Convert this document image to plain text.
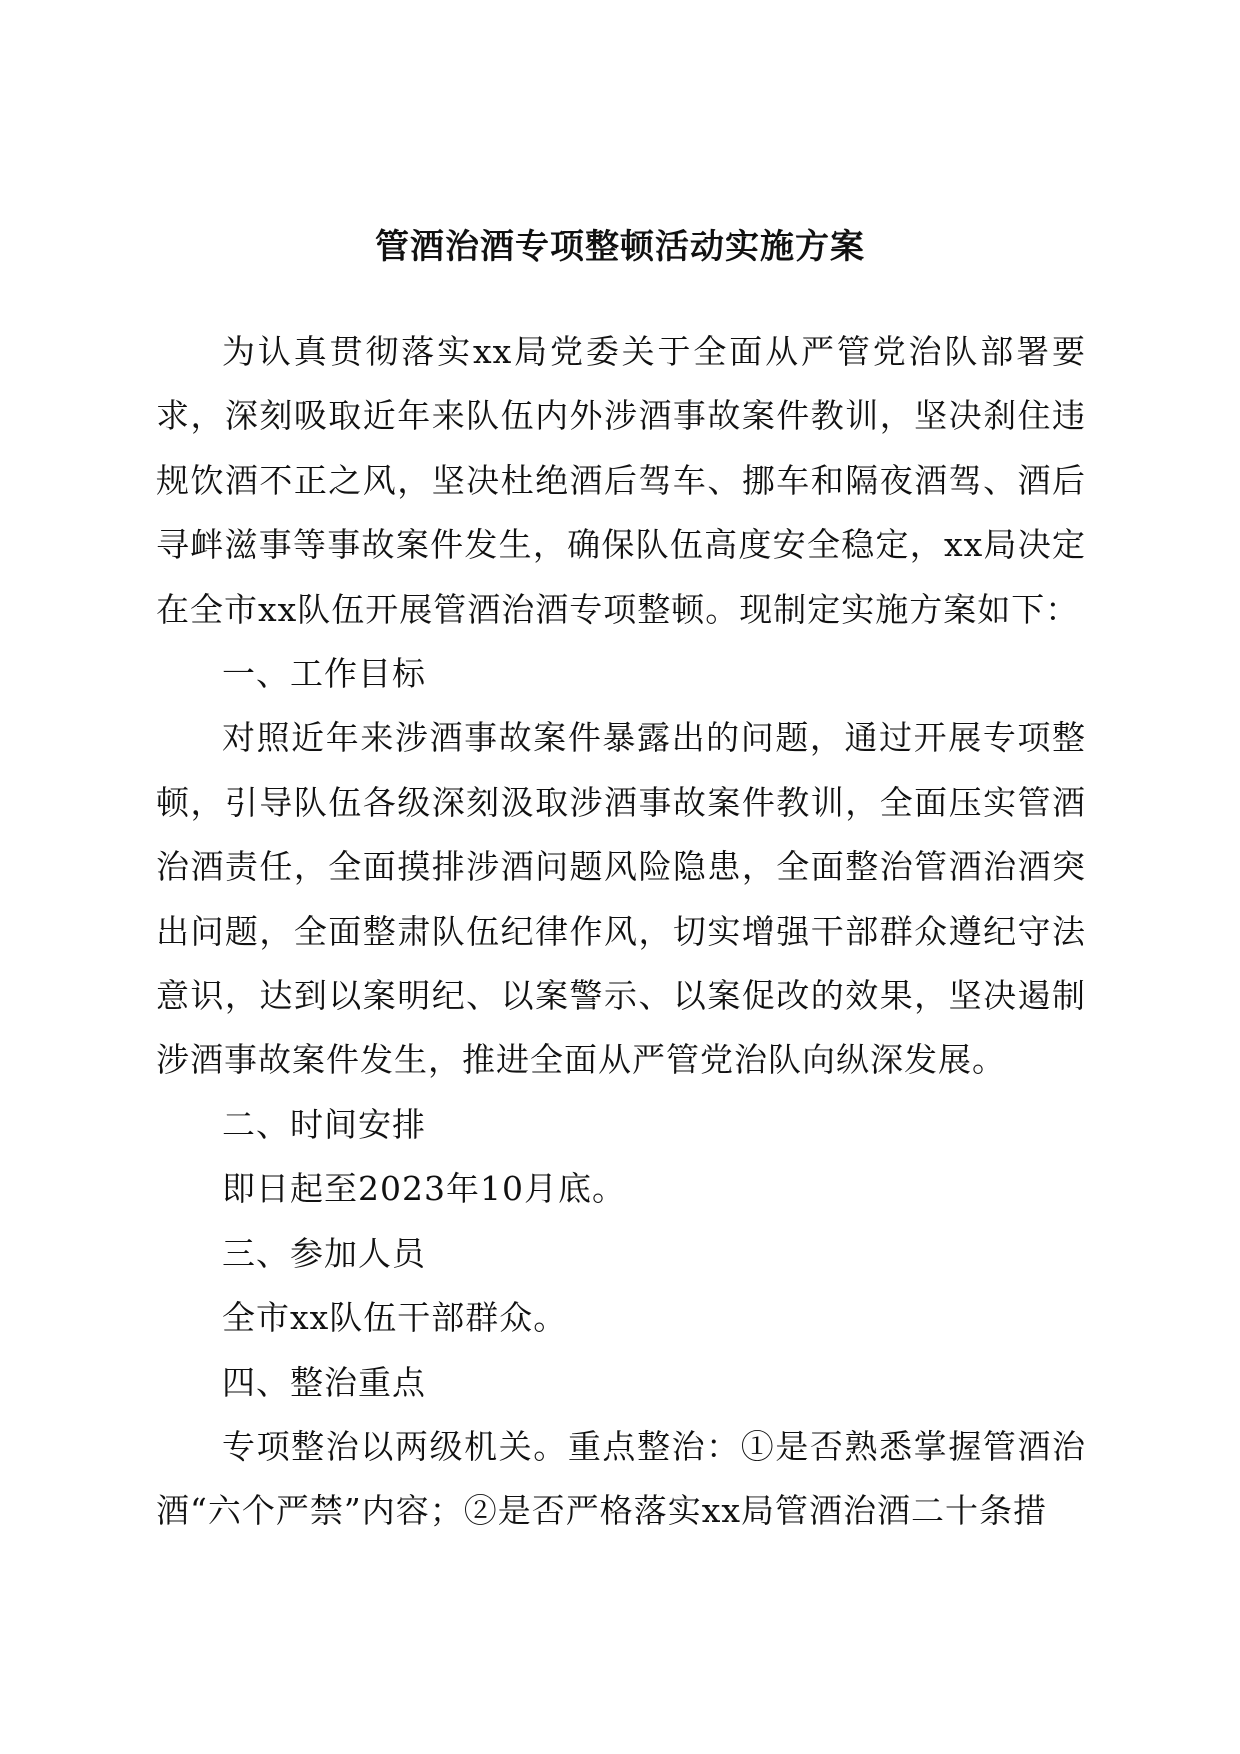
管酒治酒专项整顿活动实施方案

为认真贯彻落实xx局党委关于全面从严管党治队部署要求，深刻吸取近年来队伍内外涉酒事故案件教训，坚决刹住违规饮酒不正之风，坚决杜绝酒后驾车、挪车和隔夜酒驾、酒后寻衅滋事等事故案件发生，确保队伍高度安全稳定，xx局决定在全市xx队伍开展管酒治酒专项整顿。现制定实施方案如下：

一、工作目标

对照近年来涉酒事故案件暴露出的问题，通过开展专项整顿，引导队伍各级深刻汲取涉酒事故案件教训，全面压实管酒治酒责任，全面摸排涉酒问题风险隐患，全面整治管酒治酒突出问题，全面整肃队伍纪律作风，切实增强干部群众遵纪守法意识，达到以案明纪、以案警示、以案促改的效果，坚决遏制涉酒事故案件发生，推进全面从严管党治队向纵深发展。

二、时间安排

即日起至2023年10月底。

三、参加人员

全市xx队伍干部群众。

四、整治重点

专项整治以两级机关。重点整治：①是否熟悉掌握管酒治酒“六个严禁”内容；②是否严格落实xx局管酒治酒二十条措
